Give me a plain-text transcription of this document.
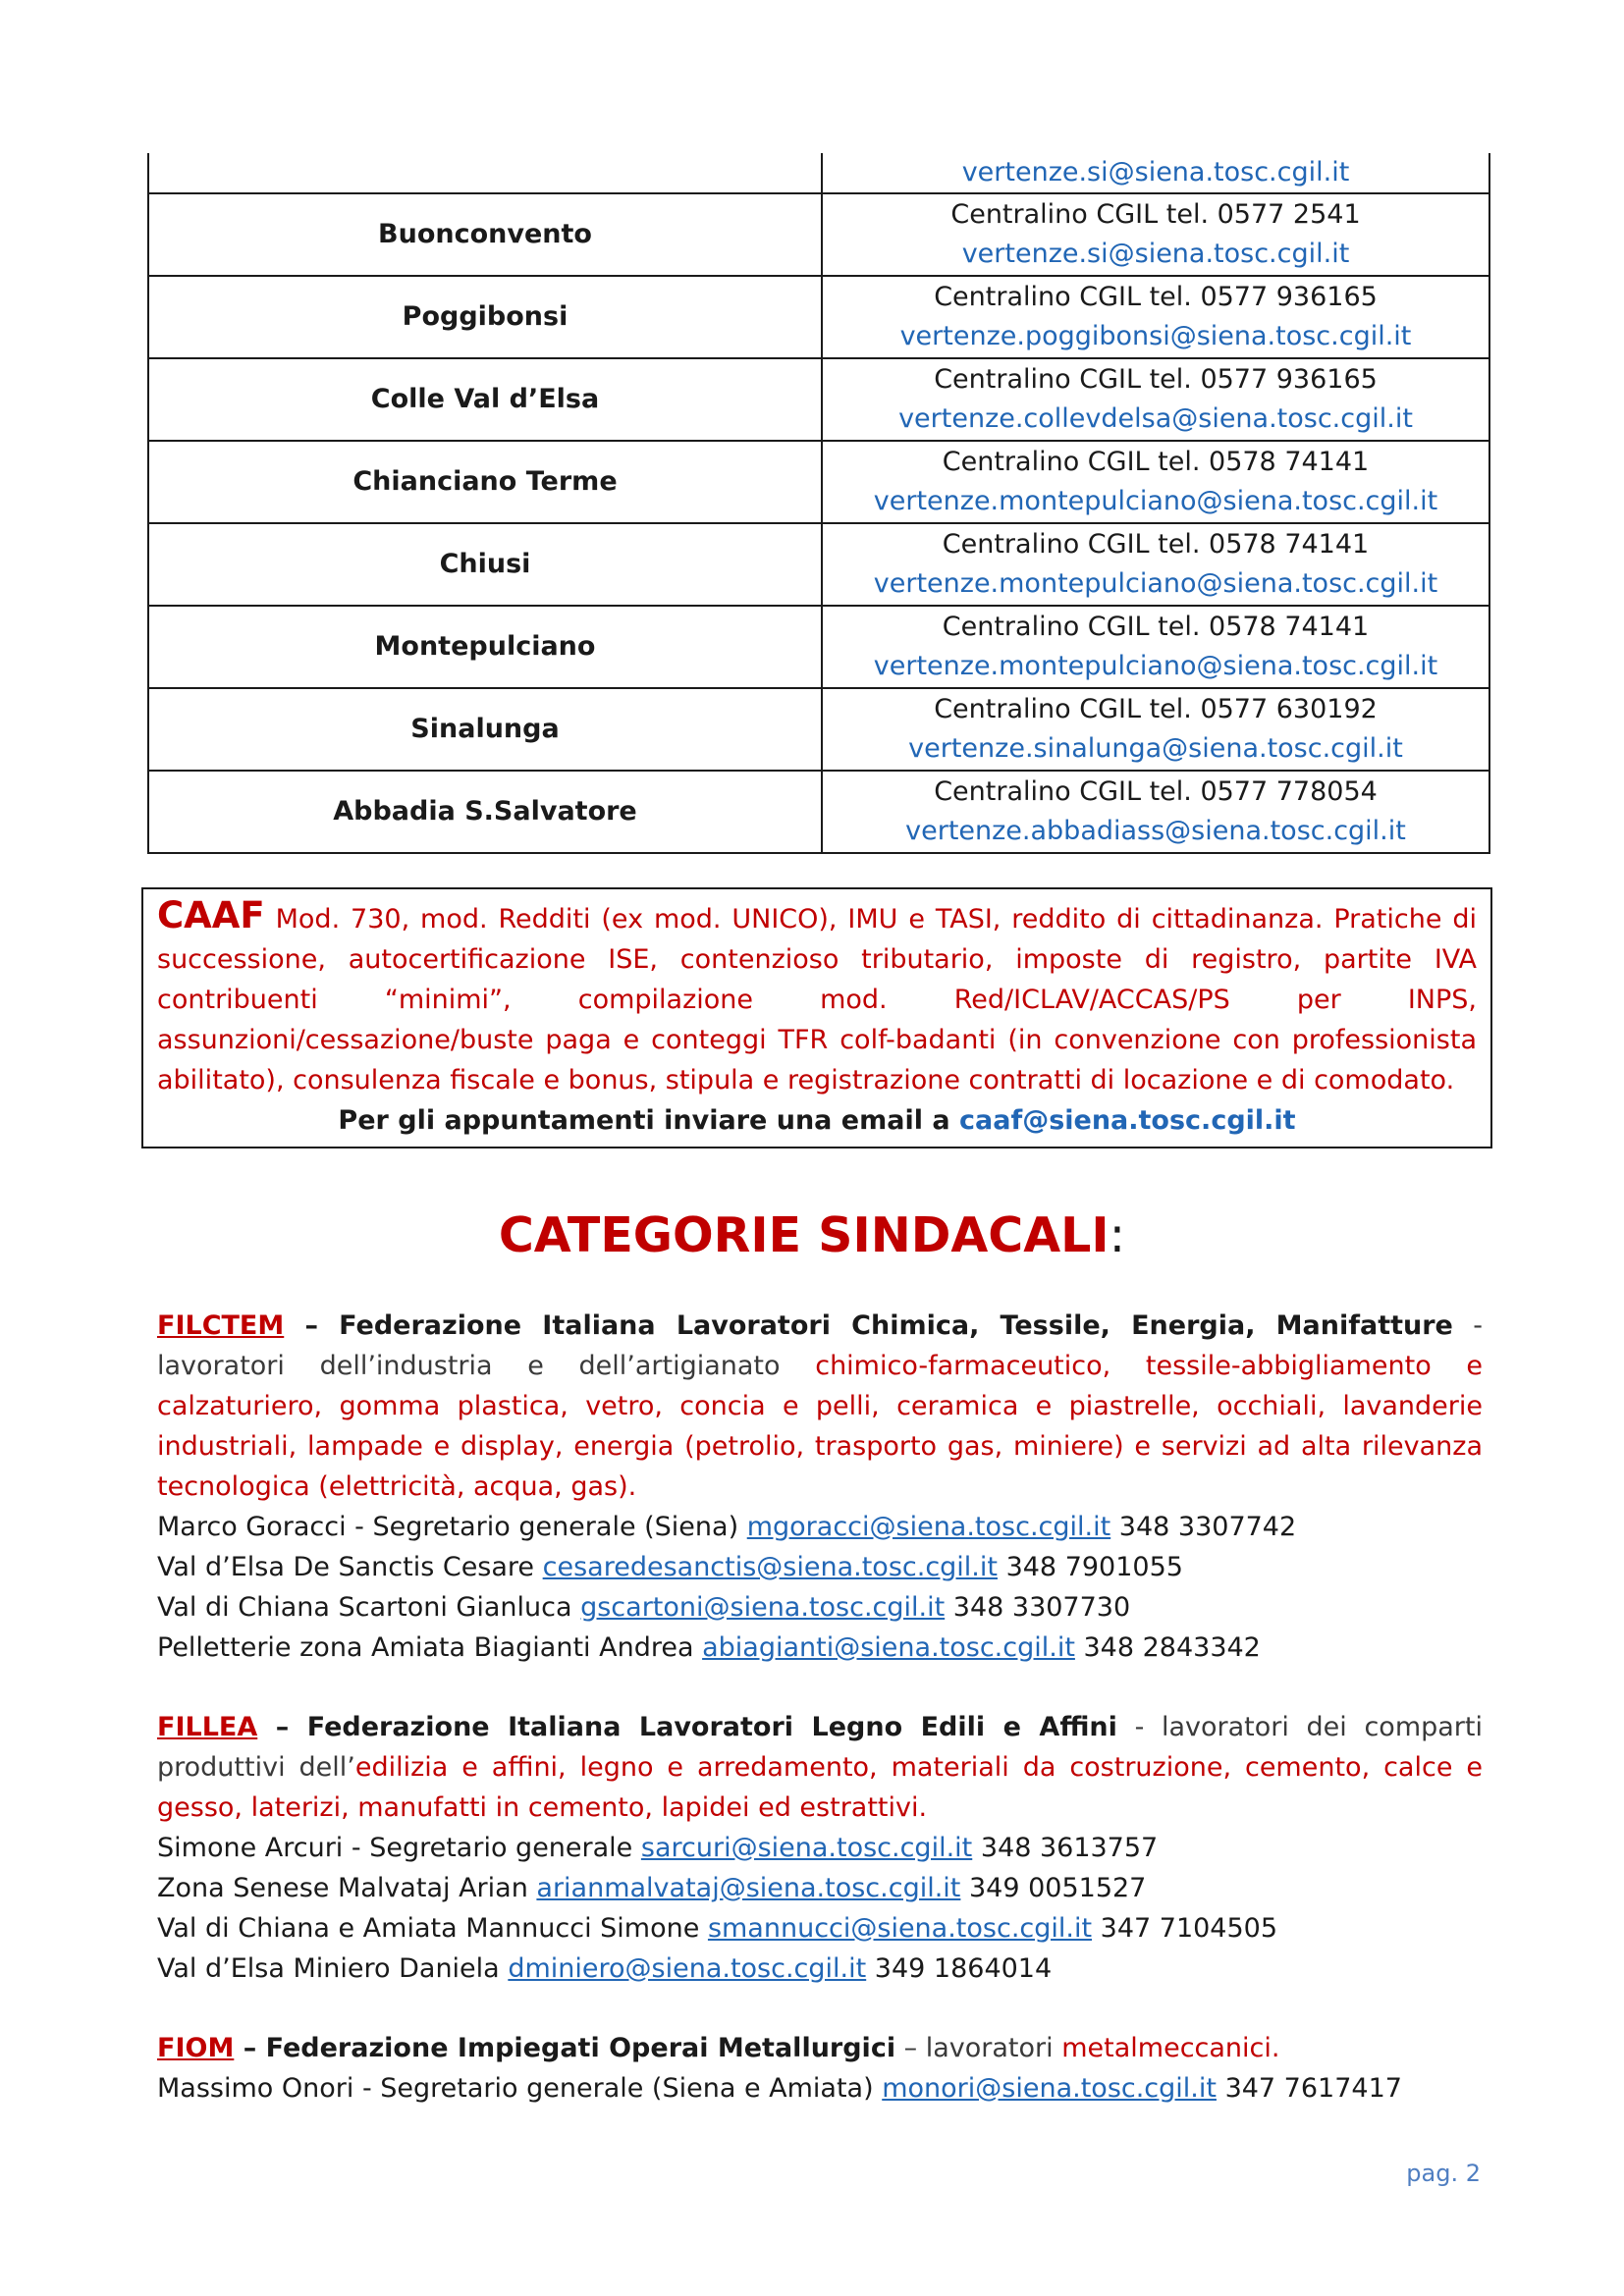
	vertenze.si@siena.tosc.cgil.it
Buonconvento	Centralino CGIL tel. 0577 2541
vertenze.si@siena.tosc.cgil.it

Poggibonsi	Centralino CGIL tel. 0577 936165
vertenze.poggibonsi@siena.tosc.cgil.it

Colle Val d’Elsa	Centralino CGIL tel. 0577 936165
vertenze.collevdelsa@siena.tosc.cgil.it

Chianciano Terme	Centralino CGIL tel. 0578 74141
vertenze.montepulciano@siena.tosc.cgil.it

Chiusi	Centralino CGIL tel. 0578 74141
vertenze.montepulciano@siena.tosc.cgil.it

Montepulciano	Centralino CGIL tel. 0578 74141
vertenze.montepulciano@siena.tosc.cgil.it

Sinalunga	Centralino CGIL tel. 0577 630192
vertenze.sinalunga@siena.tosc.cgil.it

Abbadia S.Salvatore	Centralino CGIL tel. 0577 778054
vertenze.abbadiass@siena.tosc.cgil.it

CAAF Mod. 730, mod. Redditi (ex mod. UNICO), IMU e TASI, reddito di cittadinanza. Pratiche di successione, autocertificazione ISE, contenzioso tributario, imposte di registro, partite IVA contribuenti “minimi”, compilazione mod. Red/ICLAV/ACCAS/PS per INPS, assunzioni/cessazione/buste paga e conteggi TFR colf-badanti (in convenzione con professionista abilitato), consulenza fiscale e bonus, stipula e registrazione contratti di locazione e di comodato.

Per gli appuntamenti inviare una email a caaf@siena.tosc.cgil.it

CATEGORIE SINDACALI:

FILCTEM – Federazione Italiana Lavoratori Chimica, Tessile, Energia, Manifatture - lavoratori dell’industria e dell’artigianato chimico-farmaceutico, tessile-abbigliamento e calzaturiero, gomma plastica, vetro, concia e pelli, ceramica e piastrelle, occhiali, lavanderie industriali, lampade e display, energia (petrolio, trasporto gas, miniere) e servizi ad alta rilevanza tecnologica (elettricità, acqua, gas).

Marco Goracci - Segretario generale (Siena) mgoracci@siena.tosc.cgil.it 348 3307742

Val d’Elsa De Sanctis Cesare cesaredesanctis@siena.tosc.cgil.it 348 7901055

Val di Chiana Scartoni Gianluca gscartoni@siena.tosc.cgil.it 348 3307730

Pelletterie zona Amiata Biagianti Andrea abiagianti@siena.tosc.cgil.it 348 2843342

FILLEA – Federazione Italiana Lavoratori Legno Edili e Affini - lavoratori dei comparti produttivi dell’edilizia e affini, legno e arredamento, materiali da costruzione, cemento, calce e gesso, laterizi, manufatti in cemento, lapidei ed estrattivi.

Simone Arcuri - Segretario generale sarcuri@siena.tosc.cgil.it 348 3613757

Zona Senese Malvataj Arian arianmalvataj@siena.tosc.cgil.it 349 0051527

Val di Chiana e Amiata Mannucci Simone smannucci@siena.tosc.cgil.it 347 7104505

Val d’Elsa Miniero Daniela dminiero@siena.tosc.cgil.it 349 1864014

FIOM – Federazione Impiegati Operai Metallurgici – lavoratori metalmeccanici.

Massimo Onori - Segretario generale (Siena e Amiata) monori@siena.tosc.cgil.it 347 7617417

pag. 2
